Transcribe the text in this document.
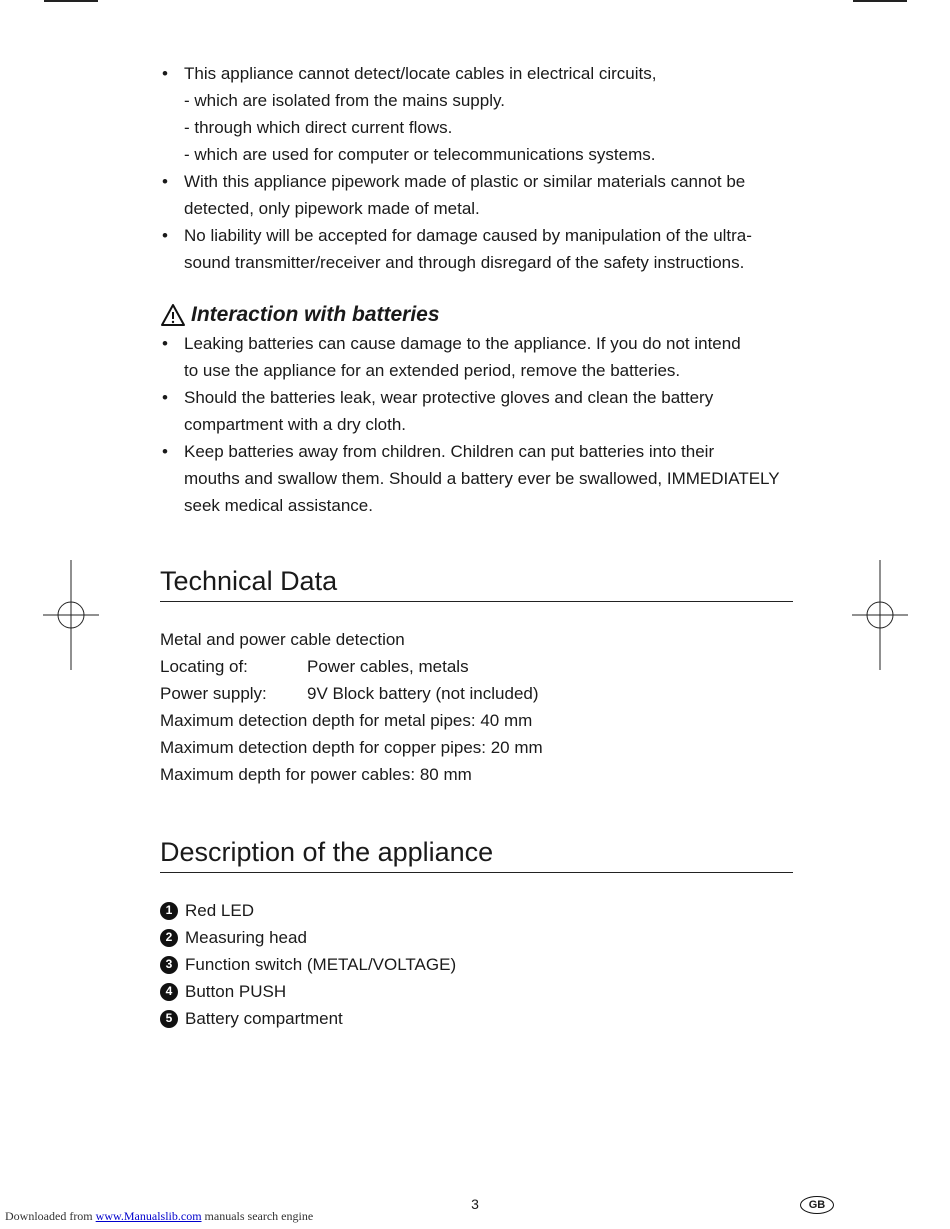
• This appliance cannot detect/locate cables in electrical circuits,
- which are isolated from the mains supply.
- through which direct current flows.
- which are used for computer or telecommunications systems.
• With this appliance pipework made of plastic or similar materials cannot be
detected, only pipework made of metal.
• No liability will be accepted for damage caused by manipulation of the ultra-
sound transmitter/receiver and through disregard of the safety instructions.
Interaction with batteries
• Leaking batteries can cause damage to the appliance. If you do not intend
to use the appliance for an extended period, remove the batteries.
• Should the batteries leak, wear protective gloves and clean the battery
compartment with a dry cloth.
• Keep batteries away from children. Children can put batteries into their
mouths and swallow them. Should a battery ever be swallowed, IMMEDIATELY
seek medical assistance.
Technical Data
Metal and power cable detection
Locating of:	Power cables, metals
Power supply: 9V Block battery (not included)
Maximum detection depth for metal pipes: 40 mm
Maximum detection depth for copper pipes: 20 mm
Maximum depth for power cables: 80 mm
Description of the appliance
1 Red LED
2 Measuring head
3 Function switch (METAL/VOLTAGE)
4 Button PUSH
5 Battery compartment
3	GB
Downloaded from www.Manualslib.com manuals search engine
